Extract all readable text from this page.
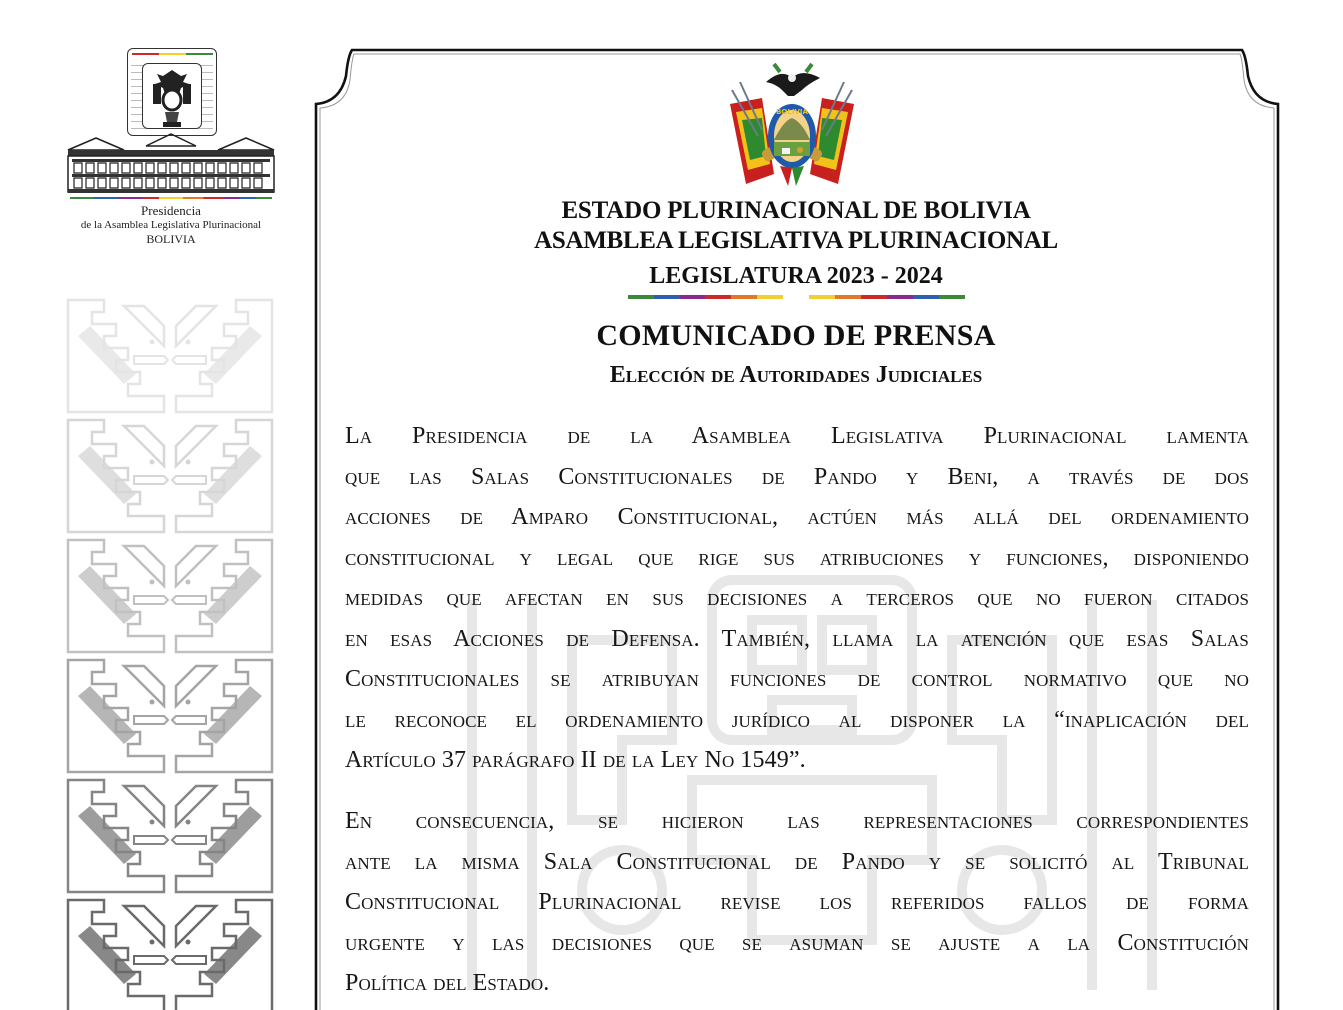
Presidencia
de la Asamblea Legislativa Plurinacional
BOLIVIA
BOLIVIA
ESTADO PLURINACIONAL DE BOLIVIA
ASAMBLEA LEGISLATIVA PLURINACIONAL
LEGISLATURA 2023 - 2024
COMUNICADO DE PRENSA
Elección de Autoridades Judiciales
La Presidencia de la Asamblea Legislativa Plurinacional lamenta
que las Salas Constitucionales de Pando y Beni, a través de dos
acciones de Amparo Constitucional, actúen más allá del ordenamiento
constitucional y legal que rige sus atribuciones y funciones, disponiendo
medidas que afectan en sus decisiones a terceros que no fueron citados
en esas Acciones de Defensa. También, llama la atención que esas Salas
Constitucionales se atribuyan funciones de control normativo que no
le reconoce el ordenamiento jurídico al disponer la “inaplicación del
Artículo 37 parágrafo II de la Ley No 1549”.
En consecuencia, se hicieron las representaciones correspondientes
ante la misma Sala Constitucional de Pando y se solicitó al Tribunal
Constitucional Plurinacional revise los referidos fallos de forma
urgente y las decisiones que se asuman se ajuste a la Constitución
Política del Estado.
